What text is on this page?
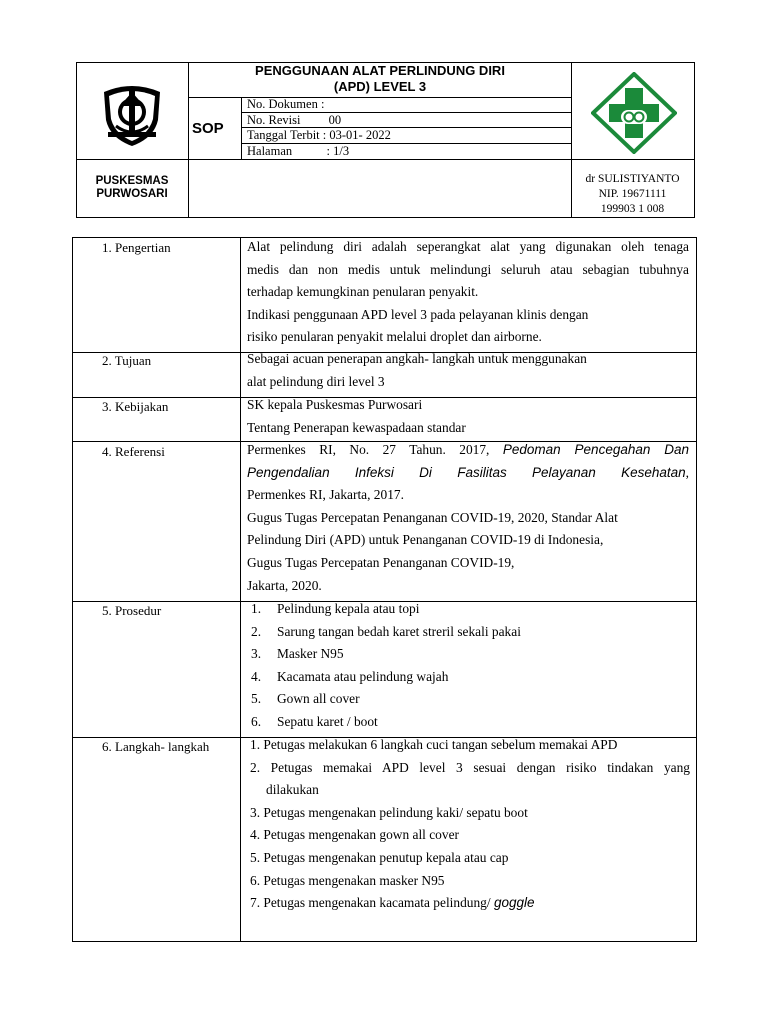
PENGGUNAAN ALAT PERLINDUNG DIRI
(APD) LEVEL 3
SOP
No. Dokumen :
No. Revisi         00
Tanggal Terbit : 03-01- 2022
Halaman           : 1/3
PUSKESMAS
PURWOSARI
dr SULISTIYANTO
NIP. 19671111
199903 1 008
1. Pengertian	Alat pelindung diri adalah seperangkat alat yang digunakan oleh tenaga
medis dan non medis untuk melindungi seluruh atau sebagian tubuhnya
terhadap kemungkinan penularan penyakit.
Indikasi penggunaan APD level 3 pada pelayanan klinis dengan
risiko penularan penyakit melalui droplet dan airborne.
2. Tujuan	Sebagai acuan penerapan angkah- langkah untuk menggunakan
alat pelindung diri level 3
3. Kebijakan	SK kepala Puskesmas Purwosari
Tentang Penerapan kewaspadaan standar
4. Referensi	Permenkes RI, No. 27 Tahun. 2017, Pedoman Pencegahan Dan
Pengendalian Infeksi Di Fasilitas Pelayanan Kesehatan,
Permenkes RI, Jakarta, 2017.
Gugus Tugas Percepatan Penanganan COVID-19, 2020, Standar Alat
Pelindung Diri (APD) untuk Penanganan COVID-19 di Indonesia,
Gugus Tugas Percepatan Penanganan COVID-19,
Jakarta, 2020.
5. Prosedur	1. Pelindung kepala atau topi
2. Sarung tangan bedah karet streril sekali pakai
3. Masker N95
4. Kacamata atau pelindung wajah
5. Gown all cover
6. Sepatu karet / boot
6. Langkah- langkah	1. Petugas melakukan 6 langkah cuci tangan sebelum memakai APD
2. Petugas memakai APD level 3 sesuai dengan risiko tindakan yang
dilakukan
3. Petugas mengenakan pelindung kaki/ sepatu boot
4. Petugas mengenakan gown all cover
5. Petugas mengenakan penutup kepala atau cap
6. Petugas mengenakan masker N95
7. Petugas mengenakan kacamata pelindung/ goggle
